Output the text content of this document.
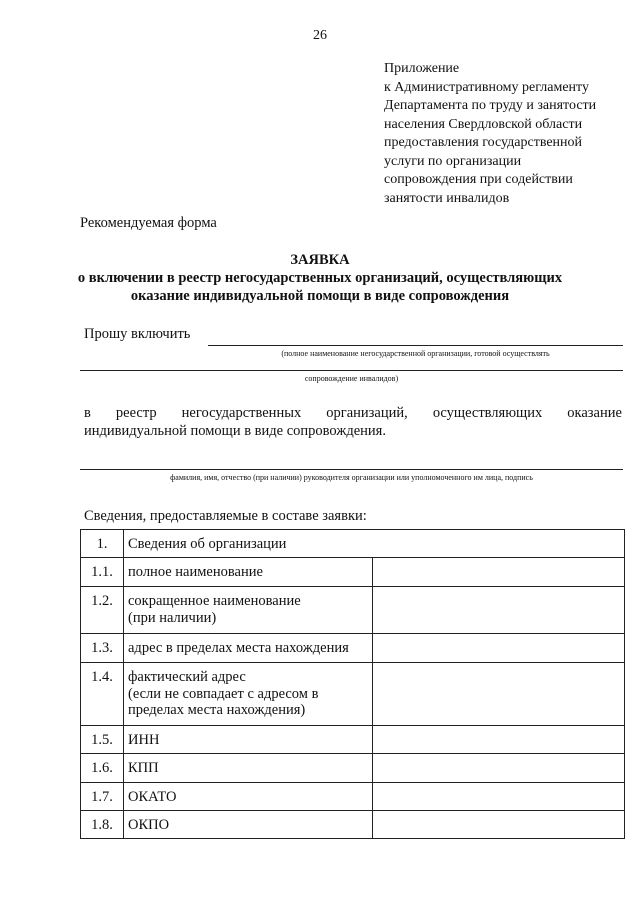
26
Приложение
к Административному регламенту
Департамента по труду и занятости
населения Свердловской области
предоставления государственной
услуги по организации
сопровождения при содействии
занятости инвалидов
Рекомендуемая форма
ЗАЯВКА
о включении в реестр негосударственных организаций, осуществляющих
оказание индивидуальной помощи в виде сопровождения
Прошу включить
(полное наименование негосударственной организации, готовой осуществлять
сопровождение инвалидов)
в реестр негосударственных организаций, осуществляющих оказание
индивидуальной помощи в виде сопровождения.
фамилия, имя, отчество (при наличии) руководителя организации или уполномоченного им лица, подпись
Сведения, предоставляемые в составе заявки:
1.	Сведения об организации	
1.1.	полное наименование	

1.2.	сокращенное наименование
(при наличии)	

1.3.	адрес в пределах места нахождения	

1.4.	фактический адрес
(если не совпадает с адресом в
пределах места нахождения)	

1.5.	ИНН	

1.6.	КПП	

1.7.	ОКАТО	

1.8.	ОКПО	
